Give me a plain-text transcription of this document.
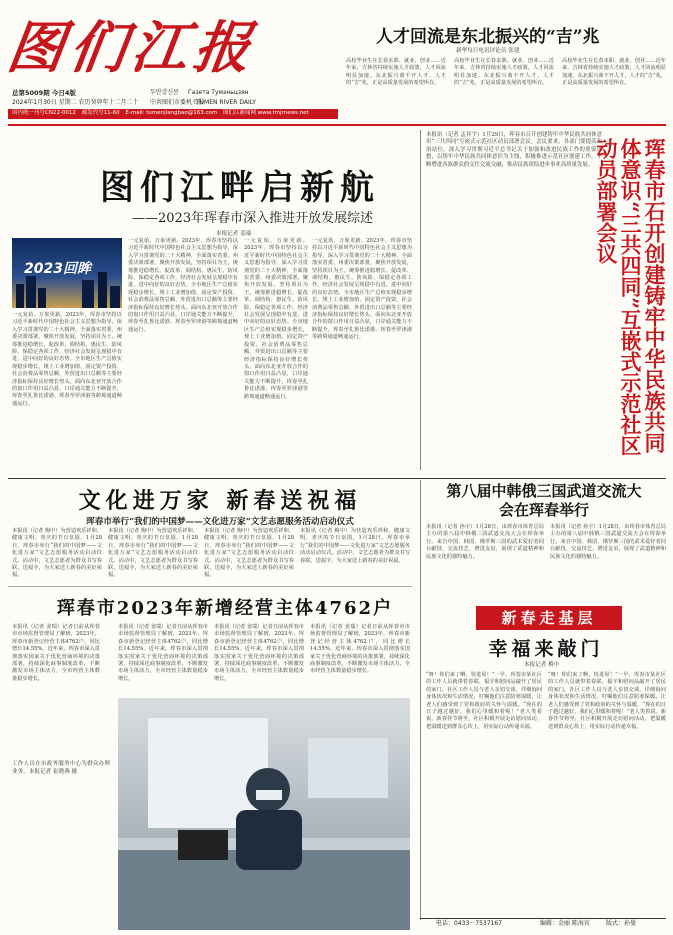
图们江报
总第5009期 今日4版
2024年1月30日 星期二 农历癸卯年十二月二十
두만강신문 Газета Тумэньцзян
TUMEN RIVER DAILY
中共图们市委机关报
国内统一刊号CN22-0012 邮发代号11-60 E-mail: tumenjiangbao@163.com 图们江新闻网 www.tmjrnews.net
人才回流是东北振兴的“吉”兆
新华每日电讯评论员 张建
高校毕业生在长春求职、就业、创业……近年来，吉林省持续实施人才政策，人才回流明显加速。东北振兴离不开人才，人才的“吉”兆，正是高质量发展的希望所在。
高校毕业生在长春求职、就业、创业……近年来，吉林省持续实施人才政策，人才回流明显加速。东北振兴离不开人才，人才的“吉”兆，正是高质量发展的希望所在。
高校毕业生在长春求职、就业、创业……近年来，吉林省持续实施人才政策，人才回流明显加速。东北振兴离不开人才，人才的“吉”兆，正是高质量发展的希望所在。
图们江畔启新航
——2023年珲春市深入推进开放发展综述
本报记者 姜瑞
2023回眸
一元复始，万象更新。2023年，珲春市坚持以习近平新时代中国特色社会主义思想为指导，深入学习贯彻党的二十大精神，全面落实省委、州委决策部署，聚焦开放发展，坚持项目为王，统筹推进稳增长、促改革、调结构、惠民生、防风险、保稳定各项工作，经济社会发展呈现稳中有进、进中向好的良好态势。全市地区生产总值实现稳步增长，规上工业增加值、固定资产投资、社会消费品零售总额、外贸进出口总额等主要经济指标保持良好增长势头。面向东北亚开放合作的窗口作用日益凸显，口岸通关能力不断提升，珲春至扎鲁比诺港、珲春至罗津港等跨境通道畅通运行。
一元复始，万象更新。2023年，珲春市坚持以习近平新时代中国特色社会主义思想为指导，深入学习贯彻党的二十大精神，全面落实省委、州委决策部署，聚焦开放发展，坚持项目为王，统筹推进稳增长、促改革、调结构、惠民生、防风险、保稳定各项工作，经济社会发展呈现稳中有进、进中向好的良好态势。全市地区生产总值实现稳步增长，规上工业增加值、固定资产投资、社会消费品零售总额、外贸进出口总额等主要经济指标保持良好增长势头。面向东北亚开放合作的窗口作用日益凸显，口岸通关能力不断提升，珲春至扎鲁比诺港、珲春至罗津港等跨境通道畅通运行。
一元复始，万象更新。2023年，珲春市坚持以习近平新时代中国特色社会主义思想为指导，深入学习贯彻党的二十大精神，全面落实省委、州委决策部署，聚焦开放发展，坚持项目为王，统筹推进稳增长、促改革、调结构、惠民生、防风险、保稳定各项工作，经济社会发展呈现稳中有进、进中向好的良好态势。全市地区生产总值实现稳步增长，规上工业增加值、固定资产投资、社会消费品零售总额、外贸进出口总额等主要经济指标保持良好增长势头。面向东北亚开放合作的窗口作用日益凸显，口岸通关能力不断提升，珲春至扎鲁比诺港、珲春至罗津港等跨境通道畅通运行。
一元复始，万象更新。2023年，珲春市坚持以习近平新时代中国特色社会主义思想为指导，深入学习贯彻党的二十大精神，全面落实省委、州委决策部署，聚焦开放发展，坚持项目为王，统筹推进稳增长、促改革、调结构、惠民生、防风险、保稳定各项工作，经济社会发展呈现稳中有进、进中向好的良好态势。全市地区生产总值实现稳步增长，规上工业增加值、固定资产投资、社会消费品零售总额、外贸进出口总额等主要经济指标保持良好增长势头。面向东北亚开放合作的窗口作用日益凸显，口岸通关能力不断提升，珲春至扎鲁比诺港、珲春至罗津港等跨境通道畅通运行。
本报讯（记者 孟祥宇）1月29日，珲春市召开创建铸牢中华民族共同体意识“三共四同”互嵌式示范社区动员部署会议。会议要求，各部门要提高政治站位，深入学习贯彻习近平总书记关于加强和改进民族工作的重要思想，以铸牢中华民族共同体意识为主线，积极推进示范社区创建工作，不断增进各族群众的交往交流交融，推动民族团结进步事业高质量发展。	珲春市石开创建铸牢中华民族共同体意识“三共四同”互嵌式示范社区动员部署会议
文化进万家 新春送祝福
珲春市举行“我们的中国梦——文化进万家”文艺志愿服务活动启动仪式
本报讯（记者 梅中）为营造欢乐祥和、健康文明、喜庆的节日氛围，1月28日，珲春市举行“我们的中国梦——文化进万家”文艺志愿服务活动启动仪式。活动中，文艺志愿者为群众书写春联、送福字，为大家送上新春的美好祝福。
本报讯（记者 梅中）为营造欢乐祥和、健康文明、喜庆的节日氛围，1月28日，珲春市举行“我们的中国梦——文化进万家”文艺志愿服务活动启动仪式。活动中，文艺志愿者为群众书写春联、送福字，为大家送上新春的美好祝福。
本报讯（记者 梅中）为营造欢乐祥和、健康文明、喜庆的节日氛围，1月28日，珲春市举行“我们的中国梦——文化进万家”文艺志愿服务活动启动仪式。活动中，文艺志愿者为群众书写春联、送福字，为大家送上新春的美好祝福。
本报讯（记者 梅中）为营造欢乐祥和、健康文明、喜庆的节日氛围，1月28日，珲春市举行“我们的中国梦——文化进万家”文艺志愿服务活动启动仪式。活动中，文艺志愿者为群众书写春联、送福字，为大家送上新春的美好祝福。
珲春市2023年新增经营主体4762户
本报讯（记者 姜瑞）记者日前从珲春市市场监督管理局了解到，2023年，珲春市新登记经营主体4762户，同比增长14.55%。近年来，珲春市深入贯彻落实国家关于优化营商环境的决策部署，持续深化商事制度改革，不断激发市场主体活力，全市经营主体数量稳步增长。
本报讯（记者 姜瑞）记者日前从珲春市市场监督管理局了解到，2023年，珲春市新登记经营主体4762户，同比增长14.55%。近年来，珲春市深入贯彻落实国家关于优化营商环境的决策部署，持续深化商事制度改革，不断激发市场主体活力，全市经营主体数量稳步增长。
本报讯（记者 姜瑞）记者日前从珲春市市场监督管理局了解到，2023年，珲春市新登记经营主体4762户，同比增长14.55%。近年来，珲春市深入贯彻落实国家关于优化营商环境的决策部署，持续深化商事制度改革，不断激发市场主体活力，全市经营主体数量稳步增长。
本报讯（记者 姜瑞）记者日前从珲春市市场监督管理局了解到，2023年，珲春市新登记经营主体4762户，同比增长14.55%。近年来，珲春市深入贯彻落实国家关于优化营商环境的决策部署，持续深化商事制度改革，不断激发市场主体活力，全市经营主体数量稳步增长。
工作人员在市政务服务中心为群众办理业务。本报记者 崔晓燕 摄
第八届中韩俄三国武道交流大会在珲春举行
本报讯（记者 孙宇）1月28日，由珲春市体育总局主办的第八届中韩俄三国武道交流大会在珲春举行。来自中国、韩国、俄罗斯三国的武术爱好者同台献技，交流技艺，增进友谊，展现了武道精神和民族文化的独特魅力。
本报讯（记者 孙宇）1月28日，由珲春市体育总局主办的第八届中韩俄三国武道交流大会在珲春举行。来自中国、韩国、俄罗斯三国的武术爱好者同台献技，交流技艺，增进友谊，展现了武道精神和民族文化的独特魅力。
新春走基层
幸福来敲门
本报记者 梅中
“呀！你们来了啊，快进屋！”一早，珲春市某社区的工作人员就带着春联、福字和慰问品敲开了居民的家门。社区工作人员与老人亲切交谈，详细询问身体状况和生活情况，叮嘱他们注意防寒保暖，让老人们感受到了党和政府的关怀与温暖。“现在的日子越过越好，我们心里暖和着呢！”老人笑着说。新春佳节将至，社区积极开展走访慰问活动，把温暖送到群众心坎上，用实际行动传递幸福。
“呀！你们来了啊，快进屋！”一早，珲春市某社区的工作人员就带着春联、福字和慰问品敲开了居民的家门。社区工作人员与老人亲切交谈，详细询问身体状况和生活情况，叮嘱他们注意防寒保暖，让老人们感受到了党和政府的关怀与温暖。“现在的日子越过越好，我们心里暖和着呢！”老人笑着说。新春佳节将至，社区积极开展走访慰问活动，把温暖送到群众心坎上，用实际行动传递幸福。
电话：0433－7537167	编辑：金丽 陈海宾	版式：孙曼
